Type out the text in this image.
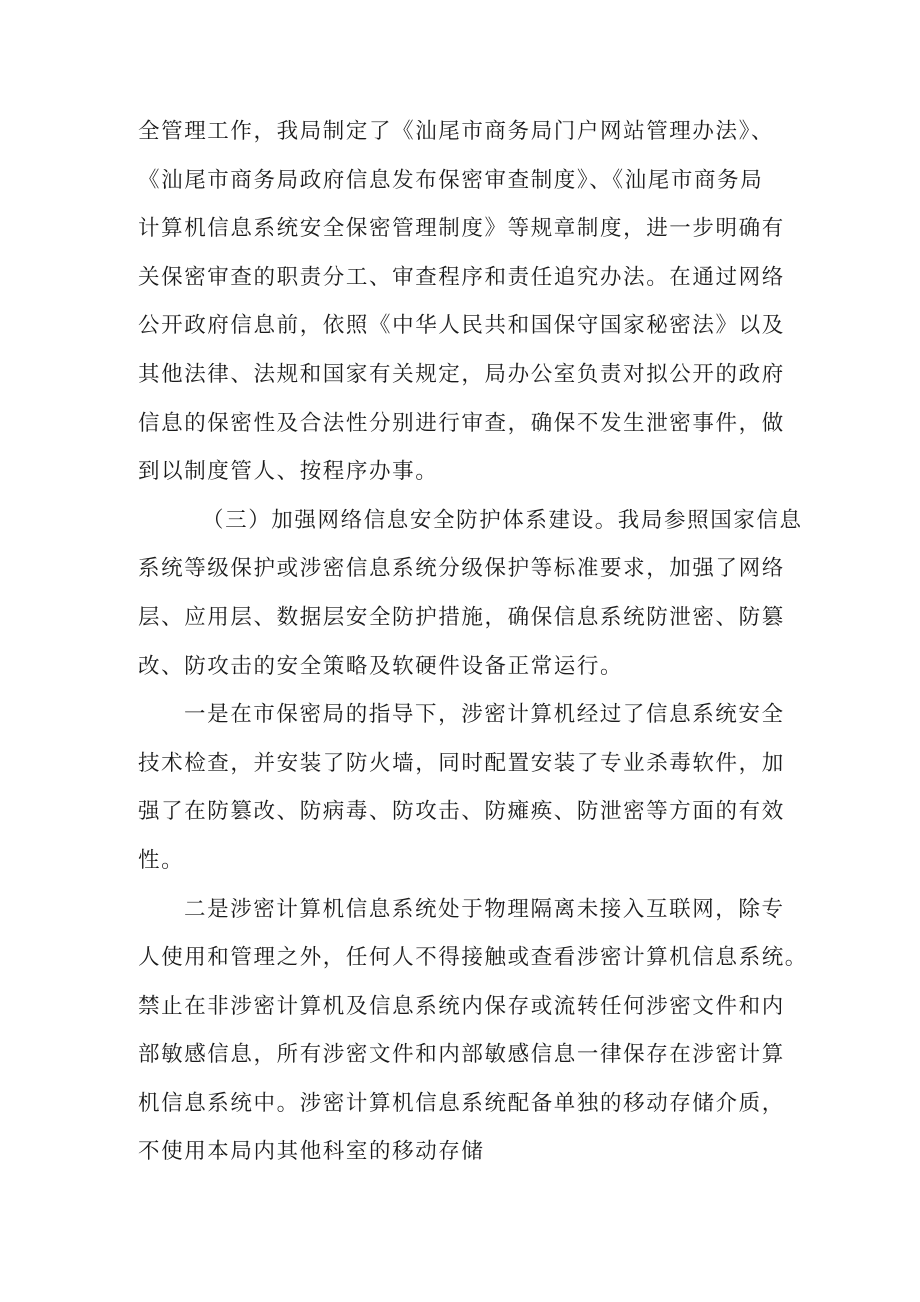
全管理工作，我局制定了《汕尾市商务局门户网站管理办法》、
《汕尾市商务局政府信息发布保密审查制度》、《汕尾市商务局
计算机信息系统安全保密管理制度》等规章制度，进一步明确有
关保密审查的职责分工、审查程序和责任追究办法。在通过网络
公开政府信息前，依照《中华人民共和国保守国家秘密法》以及
其他法律、法规和国家有关规定，局办公室负责对拟公开的政府
信息的保密性及合法性分别进行审查，确保不发生泄密事件，做
到以制度管人、按程序办事。
（三）加强网络信息安全防护体系建设。我局参照国家信息
系统等级保护或涉密信息系统分级保护等标准要求，加强了网络
层、应用层、数据层安全防护措施，确保信息系统防泄密、防篡
改、防攻击的安全策略及软硬件设备正常运行。
一是在市保密局的指导下，涉密计算机经过了信息系统安全
技术检查，并安装了防火墙，同时配置安装了专业杀毒软件，加
强了在防篡改、防病毒、防攻击、防瘫痪、防泄密等方面的有效
性。
二是涉密计算机信息系统处于物理隔离未接入互联网，除专
人使用和管理之外，任何人不得接触或查看涉密计算机信息系统。
禁止在非涉密计算机及信息系统内保存或流转任何涉密文件和内
部敏感信息，所有涉密文件和内部敏感信息一律保存在涉密计算
机信息系统中。涉密计算机信息系统配备单独的移动存储介质，
不使用本局内其他科室的移动存储
